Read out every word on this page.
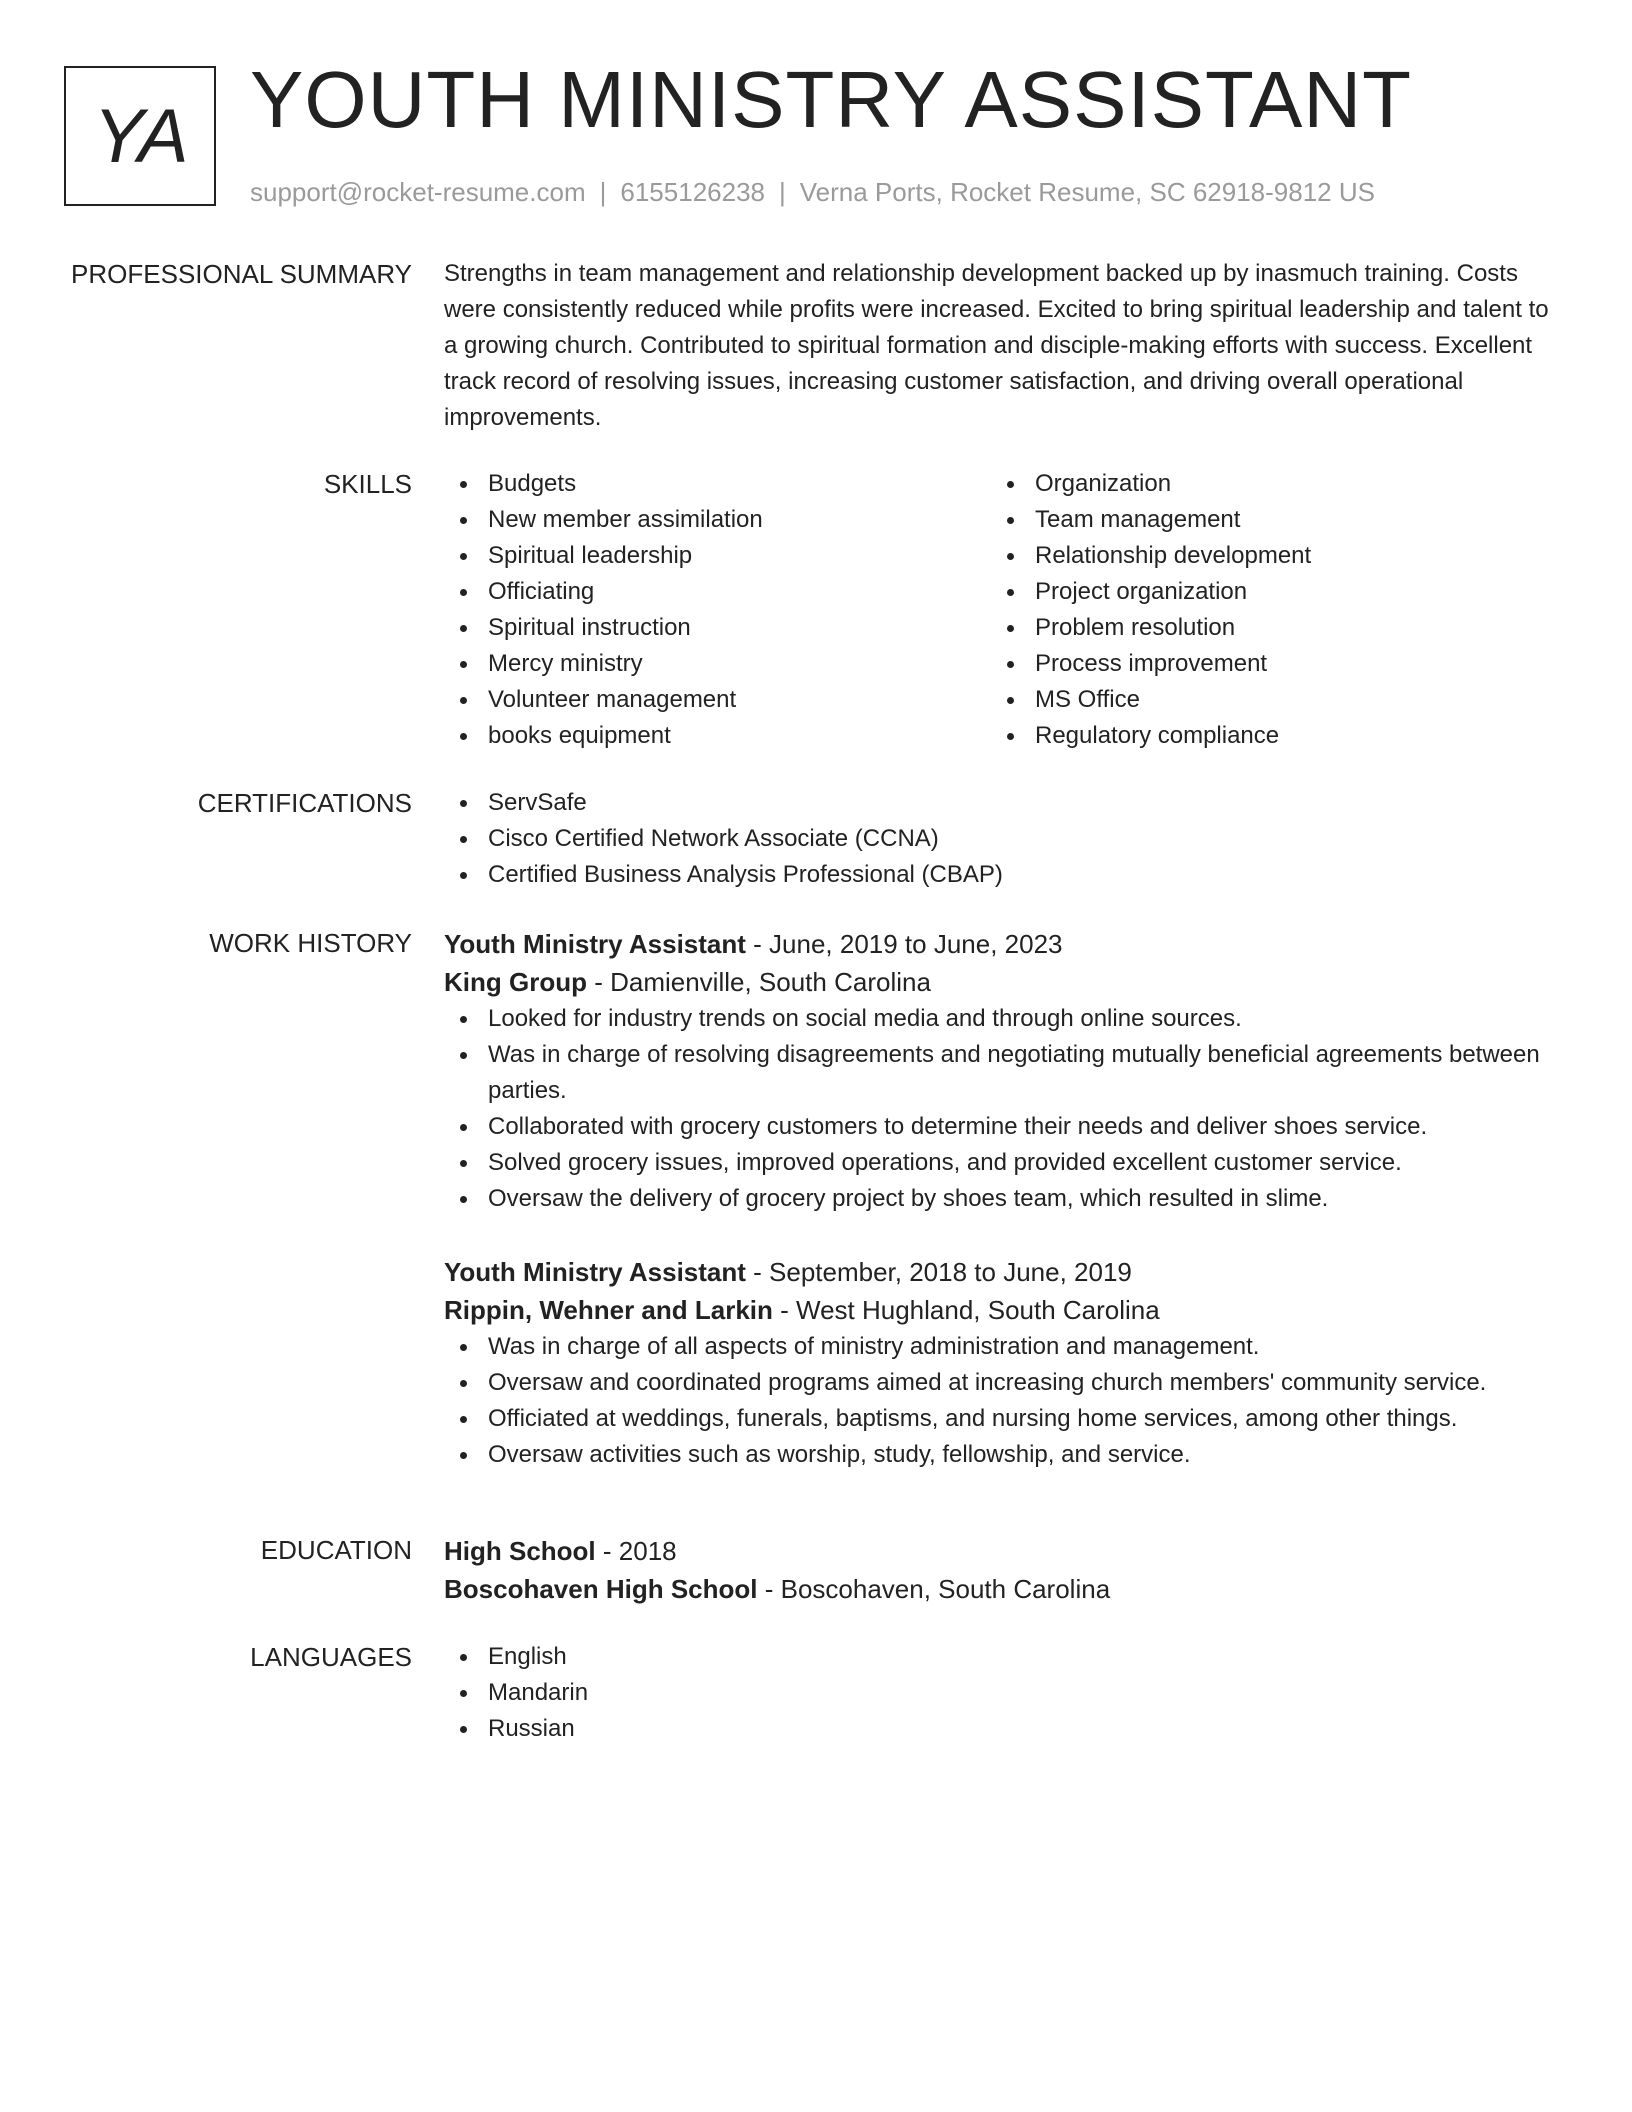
YA YOUTH MINISTRY ASSISTANT
support@rocket-resume.com | 6155126238 | Verna Ports, Rocket Resume, SC 62918-9812 US
PROFESSIONAL SUMMARY Strengths in team management and relationship development backed up by inasmuch training. Costs were consistently reduced while profits were increased. Excited to bring spiritual leadership and talent to a growing church. Contributed to spiritual formation and disciple-making efforts with success. Excellent track record of resolving issues, increasing customer satisfaction, and driving overall operational improvements.

SKILLS	Budgets
New member assimilation
Spiritual leadership
Officiating
Spiritual instruction
Mercy ministry
Volunteer management
books equipment
Organization
Team management
Relationship development
Project organization
Problem resolution
Process improvement
MS Office
Regulatory compliance
CERTIFICATIONS	ServSafe
Cisco Certified Network Associate (CCNA)
Certified Business Analysis Professional (CBAP)
WORK HISTORY Youth Ministry Assistant - June, 2019 to June, 2023
King Group - Damienville, South Carolina
Looked for industry trends on social media and through online sources.
Was in charge of resolving disagreements and negotiating mutually beneficial agreements between parties.
Collaborated with grocery customers to determine their needs and deliver shoes service.
Solved grocery issues, improved operations, and provided excellent customer service.
Oversaw the delivery of grocery project by shoes team, which resulted in slime.
Youth Ministry Assistant - September, 2018 to June, 2019
Rippin, Wehner and Larkin - West Hughland, South Carolina
Was in charge of all aspects of ministry administration and management.
Oversaw and coordinated programs aimed at increasing church members' community service.
Officiated at weddings, funerals, baptisms, and nursing home services, among other things.
Oversaw activities such as worship, study, fellowship, and service.
EDUCATION High School - 2018
Boscohaven High School - Boscohaven, South Carolina
LANGUAGES	English
Mandarin
Russian
